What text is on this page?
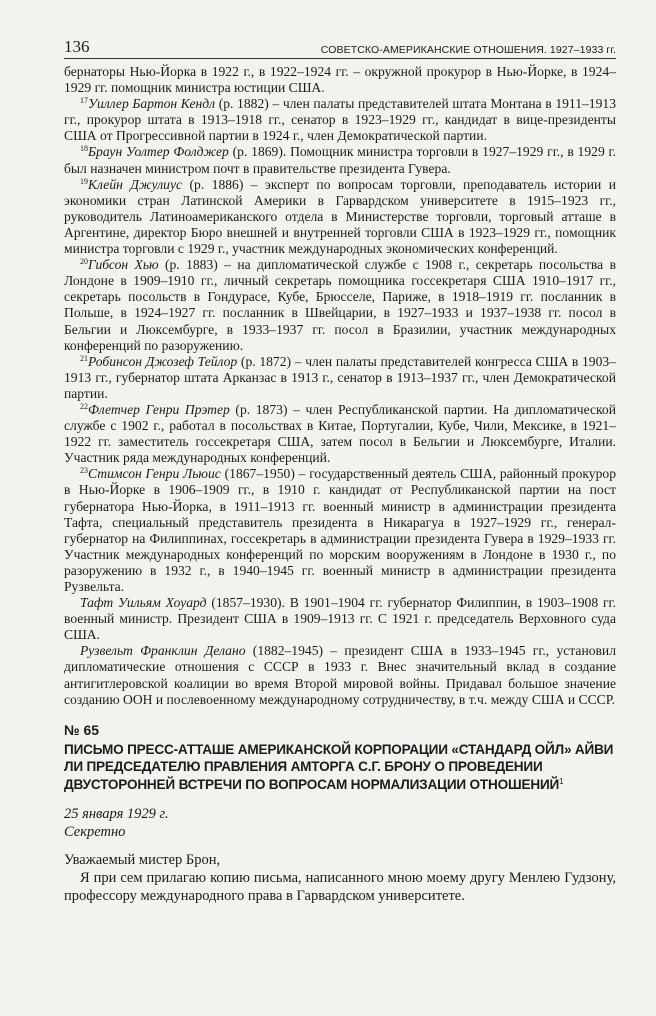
136	СОВЕТСКО-АМЕРИКАНСКИЕ ОТНОШЕНИЯ. 1927–1933 гг.

бернаторы Нью-Йорка в 1922 г., в 1922–1924 гг. – окружной прокурор в Нью-Йорке, в 1924–1929 гг. помощник министра юстиции США.

$^{17}$Уиллер Бартон Кендл (р. 1882) – член палаты представителей штата Монтана в 1911–1913 гг., прокурор штата в 1913–1918 гг., сенатор в 1923–1929 гг., кандидат в вице-президенты США от Прогрессивной партии в 1924 г., член Демократической партии.

$^{18}$Браун Уолтер Фолджер (р. 1869). Помощник министра торговли в 1927–1929 гг., в 1929 г. был назначен министром почт в правительстве президента Гувера.

$^{19}$Клейн Джулиус (р. 1886) – эксперт по вопросам торговли, преподаватель истории и экономики стран Латинской Америки в Гарвардском университете в 1915–1923 гг., руководитель Латиноамериканского отдела в Министерстве торговли, торговый атташе в Аргентине, директор Бюро внешней и внутренней торговли США в 1923–1929 гг., помощник министра торговли с 1929 г., участник международных экономических конференций.

$^{20}$Гибсон Хью (р. 1883) – на дипломатической службе с 1908 г., секретарь посольства в Лондоне в 1909–1910 гг., личный секретарь помощника госсекретаря США 1910–1917 гг., секретарь посольств в Гондурасе, Кубе, Брюсселе, Париже, в 1918–1919 гг. посланник в Польше, в 1924–1927 гг. посланник в Швейцарии, в 1927–1933 и 1937–1938 гг. посол в Бельгии и Люксембурге, в 1933–1937 гг. посол в Бразилии, участник международных конференций по разоружению.

$^{21}$Робинсон Джозеф Тейлор (р. 1872) – член палаты представителей конгресса США в 1903–1913 гг., губернатор штата Арканзас в 1913 г., сенатор в 1913–1937 гг., член Демократической партии.

$^{22}$Флетчер Генри Прэтер (р. 1873) – член Республиканской партии. На дипломатической службе с 1902 г., работал в посольствах в Китае, Португалии, Кубе, Чили, Мексике, в 1921–1922 гг. заместитель госсекретаря США, затем посол в Бельгии и Люксембурге, Италии. Участник ряда международных конференций.

$^{23}$Стимсон Генри Льюис (1867–1950) – государственный деятель США, районный прокурор в Нью-Йорке в 1906–1909 гг., в 1910 г. кандидат от Республиканской партии на пост губернатора Нью-Йорка, в 1911–1913 гг. военный министр в администрации президента Тафта, специальный представитель президента в Никарагуа в 1927–1929 гг., генерал-губернатор на Филиппинах, госсекретарь в администрации президента Гувера в 1929–1933 гг. Участник международных конференций по морским вооружениям в Лондоне в 1930 г., по разоружению в 1932 г., в 1940–1945 гг. военный министр в администрации президента Рузвельта.

Тафт Уильям Хоуард (1857–1930). В 1901–1904 гг. губернатор Филиппин, в 1903–1908 гг. военный министр. Президент США в 1909–1913 гг. С 1921 г. председатель Верховного суда США.

Рузвельт Франклин Делано (1882–1945) – президент США в 1933–1945 гг., установил дипломатические отношения с СССР в 1933 г. Внес значительный вклад в создание антигитлеровской коалиции во время Второй мировой войны. Придавал большое значение созданию ООН и послевоенному международному сотрудничеству, в т.ч. между США и СССР.

№ 65
ПИСЬМО ПРЕСС-АТТАШЕ АМЕРИКАНСКОЙ КОРПОРАЦИИ «СТАНДАРД ОЙЛ» АЙВИ ЛИ ПРЕДСЕДАТЕЛЮ ПРАВЛЕНИЯ АМТОРГА С.Г. БРОНУ О ПРОВЕДЕНИИ ДВУСТОРОННЕЙ ВСТРЕЧИ ПО ВОПРОСАМ НОРМАЛИЗАЦИИ ОТНОШЕНИЙ$^1$
25 января 1929 г.
Секретно
Уважаемый мистер Брон,

Я при сем прилагаю копию письма, написанного мною моему другу Менлею Гудзону, профессору международного права в Гарвардском университете.
